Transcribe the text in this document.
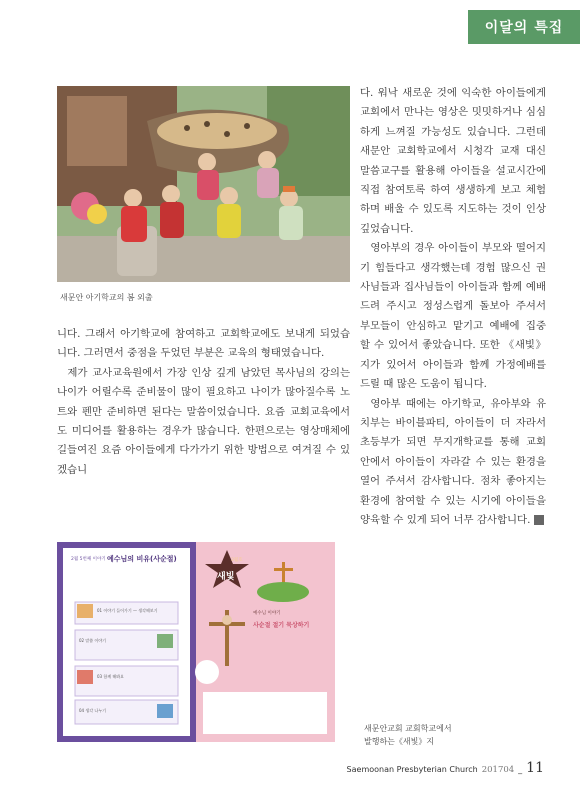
이달의 특집
새문안 아기학교의 봄 외출

다. 워낙 새로운 것에 익숙한 아이들에게 교회에서 만나는 영상은 밋밋하거나 심심하게 느껴질 가능성도 있습니다. 그런데 새문안 교회학교에서 시청각 교재 대신 말씀교구를 활용해 아이들을 설교시간에 직접 참여토록 하여 생생하게 보고 체험하며 배울 수 있도록 지도하는 것이 인상 깊었습니다.

영아부의 경우 아이들이 부모와 떨어지기 힘들다고 생각했는데 경험 많으신 권사님들과 집사님들이 아이들과 함께 예배드려 주시고 정성스럽게 돌보아 주셔서 부모들이 안심하고 맡기고 예배에 집중 할 수 있어서 좋았습니다. 또한 《새빛》지가 있어서 아이들과 함께 가정예배를 드릴 때 많은 도움이 됩니다.

영아부 때에는 아기학교, 유아부와 유치부는 바이블파티, 아이들이 더 자라서 초등부가 되면 무지개학교를 통해 교회 안에서 아이들이 자라갈 수 있는 환경을 열어 주셔서 감사합니다. 점차 좋아지는 환경에 참여할 수 있는 시기에 아이들을 양육할 수 있게 되어 너무 감사합니다. A

니다. 그래서 아기학교에 참여하고 교회학교에도 보내게 되었습니다. 그러면서 중점을 두었던 부분은 교육의 형태였습니다.

제가 교사교육원에서 가장 인상 깊게 남았던 목사님의 강의는 나이가 어릴수록 준비물이 많이 필요하고 나이가 많아질수록 노트와 펜만 준비하면 된다는 말씀이었습니다. 요즘 교회교육에서도 미디어를 활용하는 경우가 많습니다. 한편으로는 영상매체에 길들여진 요즘 아이들에게 다가가기 위한 방법으로 여겨질 수 있겠습니

2월 5번째 이야기 예수님의 비유(사순절)
01 이야기 들어가기 — 생각해보기
02 말씀 이야기
03 함께 해봐요
04 생각 나누기
3월호
새빛
예수님 이야기
사순절 절기 묵상하기
새문안교회 교회학교에서
발행하는《새빛》지
Saemoonan Presbyterian Church 201704 _ 11
